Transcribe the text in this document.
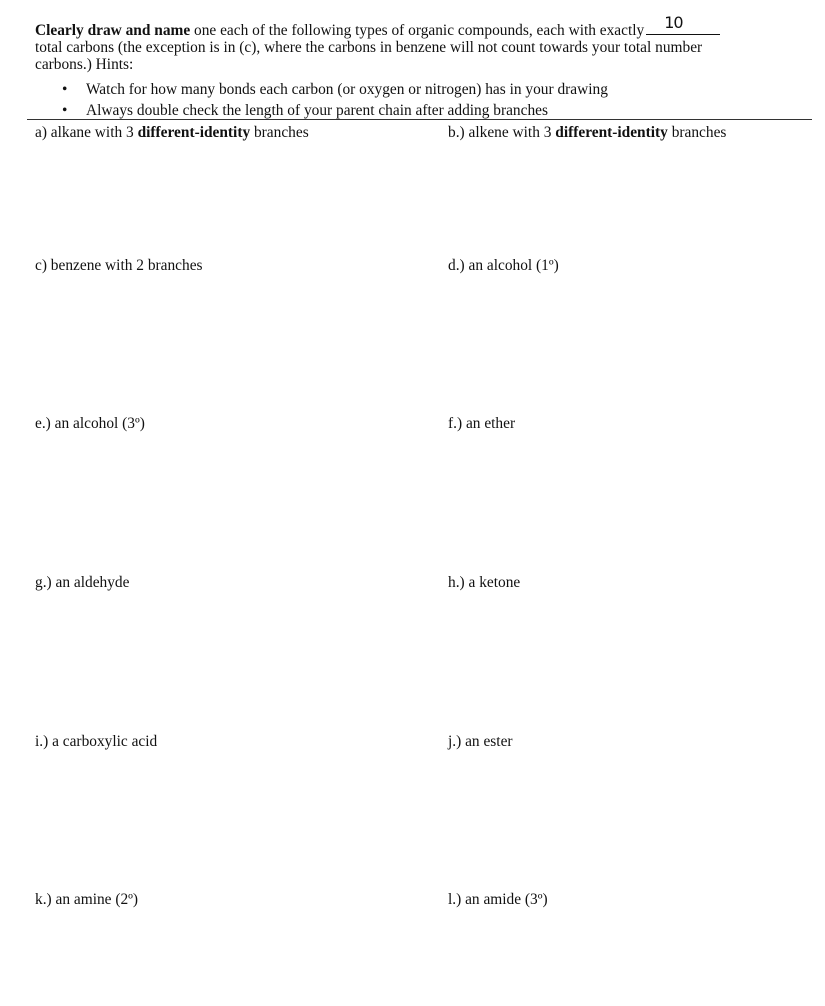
Clearly draw and name one each of the following types of organic compounds, each with exactly 10
total carbons (the exception is in (c), where the carbons in benzene will not count towards your total number
carbons.) Hints:
• Watch for how many bonds each carbon (or oxygen or nitrogen) has in your drawing
• Always double check the length of your parent chain after adding branches
a) alkane with 3 different-identity branches	b.) alkene with 3 different-identity branches
c) benzene with 2 branches	d.) an alcohol (1º)
e.) an alcohol (3º)	f.) an ether
g.) an aldehyde	h.) a ketone
i.) a carboxylic acid	j.) an ester
k.) an amine (2º)	l.) an amide (3º)
